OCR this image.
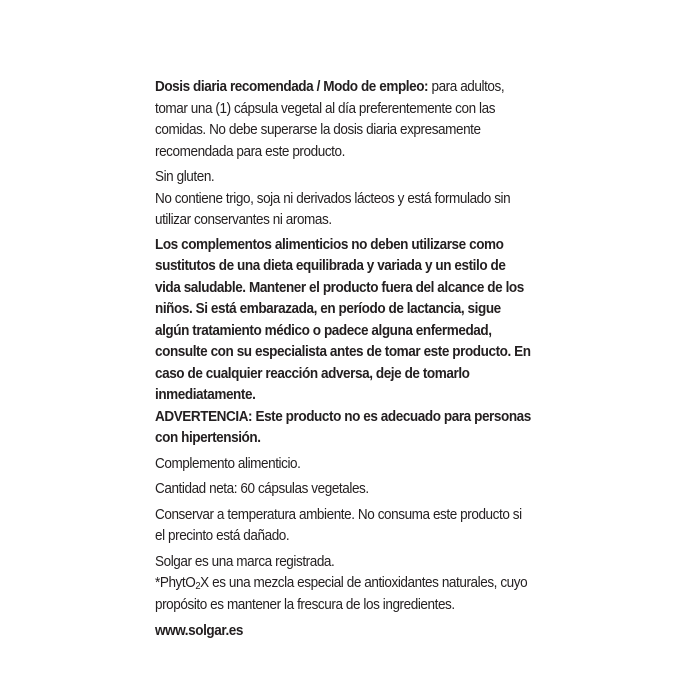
Dosis diaria recomendada / Modo de empleo: para adultos, tomar una (1) cápsula vegetal al día preferentemente con las comidas. No debe superarse la dosis diaria expresamente recomendada para este producto.

Sin gluten.

No contiene trigo, soja ni derivados lácteos y está formulado sin utilizar conservantes ni aromas.

Los complementos alimenticios no deben utilizarse como sustitutos de una dieta equilibrada y variada y un estilo de vida saludable. Mantener el producto fuera del alcance de los niños. Si está embarazada, en período de lactancia, sigue algún tratamiento médico o padece alguna enfermedad, consulte con su especialista antes de tomar este producto. En caso de cualquier reacción adversa, deje de tomarlo inmediatamente.

ADVERTENCIA: Este producto no es adecuado para personas con hipertensión.

Complemento alimenticio.

Cantidad neta: 60 cápsulas vegetales.

Conservar a temperatura ambiente. No consuma este producto si el precinto está dañado.

Solgar es una marca registrada.

*PhytO$_2$X es una mezcla especial de antioxidantes naturales, cuyo propósito es mantener la frescura de los ingredientes.

www.solgar.es
